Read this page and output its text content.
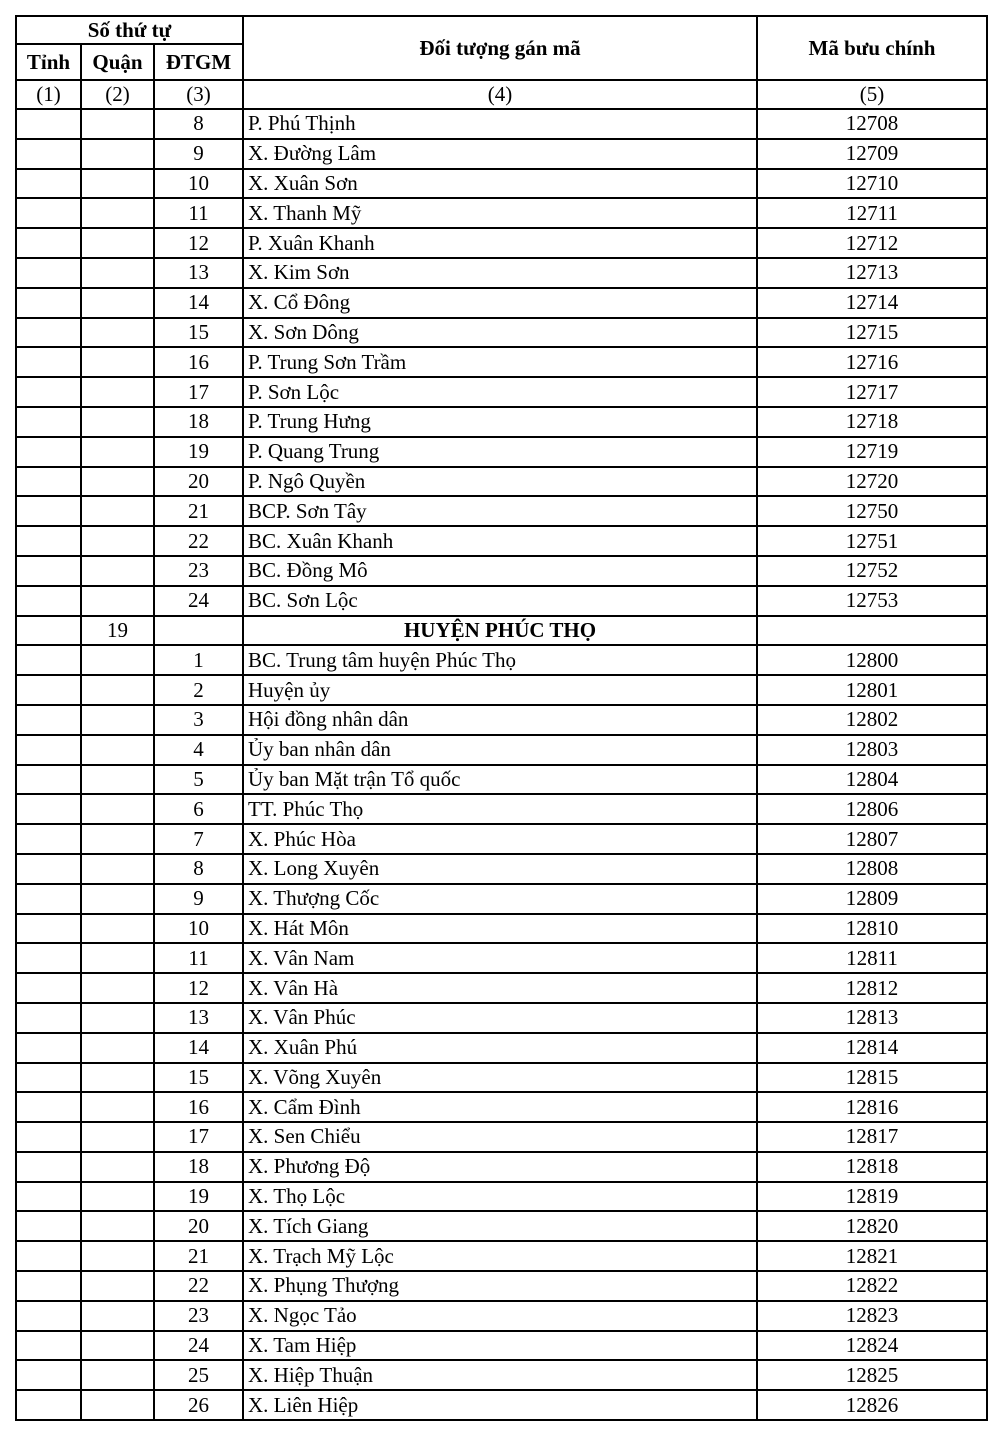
Số thứ tự			Đối tượng gán mã	Mã bưu chính
Tỉnh	Quận	ĐTGM		
(1)	(2)	(3)	(4)	(5)
		8	P. Phú Thịnh	12708
		9	X. Đường Lâm	12709
		10	X. Xuân Sơn	12710
		11	X. Thanh Mỹ	12711
		12	P. Xuân Khanh	12712
		13	X. Kim Sơn	12713
		14	X. Cổ Đông	12714
		15	X. Sơn Dông	12715
		16	P. Trung Sơn Trầm	12716
		17	P. Sơn Lộc	12717
		18	P. Trung Hưng	12718
		19	P. Quang Trung	12719
		20	P. Ngô Quyền	12720
		21	BCP. Sơn Tây	12750
		22	BC. Xuân Khanh	12751
		23	BC. Đồng Mô	12752
		24	BC. Sơn Lộc	12753
	19		HUYỆN PHÚC THỌ	
		1	BC. Trung tâm huyện Phúc Thọ	12800
		2	Huyện ủy	12801
		3	Hội đồng nhân dân	12802
		4	Ủy ban nhân dân	12803
		5	Ủy ban Mặt trận Tổ quốc	12804
		6	TT. Phúc Thọ	12806
		7	X. Phúc Hòa	12807
		8	X. Long Xuyên	12808
		9	X. Thượng Cốc	12809
		10	X. Hát Môn	12810
		11	X. Vân Nam	12811
		12	X. Vân Hà	12812
		13	X. Vân Phúc	12813
		14	X. Xuân Phú	12814
		15	X. Võng Xuyên	12815
		16	X. Cẩm Đình	12816
		17	X. Sen Chiểu	12817
		18	X. Phương Độ	12818
		19	X. Thọ Lộc	12819
		20	X. Tích Giang	12820
		21	X. Trạch Mỹ Lộc	12821
		22	X. Phụng Thượng	12822
		23	X. Ngọc Tảo	12823
		24	X. Tam Hiệp	12824
		25	X. Hiệp Thuận	12825
		26	X. Liên Hiệp	12826
